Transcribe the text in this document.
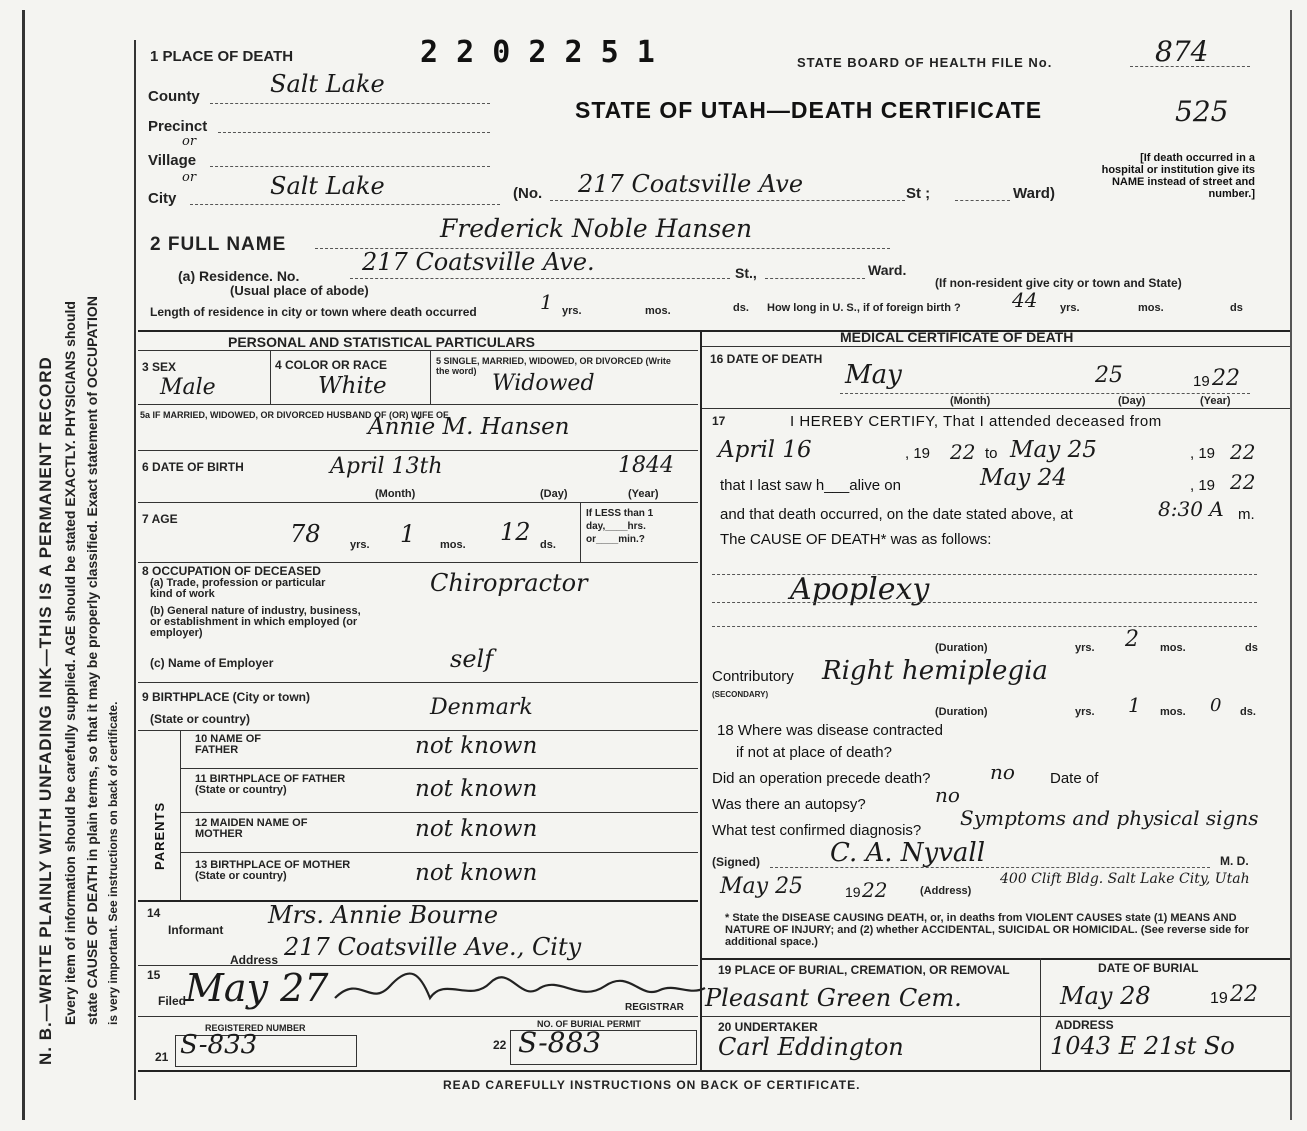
N. B.—WRITE PLAINLY WITH UNFADING INK—THIS IS A PERMANENT RECORD Every item of information should be carefully supplied. AGE should be stated EXACTLY. PHYSICIANS should state CAUSE OF DEATH in plain terms, so that it may be properly classified. Exact statement of OCCUPATION is very important. See instructions on back of certificate.
1 PLACE OF DEATH	2 2 0 2 2 5 1	STATE BOARD OF HEALTH FILE No.	874
STATE OF UTAH—DEATH CERTIFICATE	525
County	Salt Lake
Precinct
or
Village
or
City	Salt Lake	(No. 217 Coatsville Ave	St ;	Ward)
[If death occurred in a hospital or institution give its NAME instead of street and number.]
2 FULL NAME
Frederick Noble Hansen
(a) Residence. No.
(Usual place of abode)
217 Coatsville Ave.	St.,	Ward.
(If non-resident give city or town and State)
Length of residence in city or town where death occurred	1 yrs.	mos.	ds. How long in U. S., if of foreign birth ?	44 yrs.	mos.	ds
PERSONAL AND STATISTICAL PARTICULARS	MEDICAL CERTIFICATE OF DEATH
3 SEX
Male
4 COLOR OR RACE
White
5 SINGLE, MARRIED, WIDOWED, OR DIVORCED (Write the word) Widowed
5a IF MARRIED, WIDOWED, OR DIVORCED HUSBAND OF (OR) WIFE OF
Annie M. Hansen
6 DATE OF BIRTH	April 13th	1844
(Month)	(Day)	(Year)
7 AGE
78	yrs. 1 mos. 12 ds.
If LESS than 1 day,____hrs. or____min.?
8 OCCUPATION OF DECEASED
(a) Trade, profession or particular kind of work	Chiropractor
(b) General nature of industry, business, or establishment in which employed (or employer)
(c) Name of Employer	self
9 BIRTHPLACE (City or town)
(State or country)	Denmark
PARENTS
10 NAME OF FATHER	not known
11 BIRTHPLACE OF FATHER (State or country)	not known
12 MAIDEN NAME OF MOTHER	not known
13 BIRTHPLACE OF MOTHER (State or country)	not known
14
Informant
Mrs. Annie Bourne
Address 217 Coatsville Ave., City
15
Filed
May 27	REGISTRAR
REGISTERED NUMBER	NO. OF BURIAL PERMIT
21 S-833	22 S-883
READ CAREFULLY INSTRUCTIONS ON BACK OF CERTIFICATE.
16 DATE OF DEATH
May	25	19 22
(Month)	(Day)	(Year)
17	I HEREBY CERTIFY, That I attended deceased from
April 16	, 19 22 to May 25	, 19 22
that I last saw h___alive on	May 24	, 19 22
and that death occurred, on the date stated above, at	8:30 A m.
The CAUSE OF DEATH* was as follows:
Apoplexy
(Duration)	yrs. 2 mos.	ds
Contributory
(SECONDARY)
Right hemiplegia
(Duration)	yrs. 1 mos. 0 ds.
18 Where was disease contracted
if not at place of death?
Did an operation precede death?	no Date of
Was there an autopsy?	no
What test confirmed diagnosis?
Symptoms and physical signs
(Signed)	C. A. Nyvall	M. D.
May 25	19 22	(Address)
400 Clift Bldg. Salt Lake City, Utah
* State the DISEASE CAUSING DEATH, or, in deaths from VIOLENT CAUSES state (1) MEANS AND NATURE OF INJURY; and (2) whether ACCIDENTAL, SUICIDAL OR HOMICIDAL. (See reverse side for additional space.)
19 PLACE OF BURIAL, CREMATION, OR REMOVAL
Pleasant Green Cem.
DATE OF BURIAL
May 28	19 22
20 UNDERTAKER
Carl Eddington
ADDRESS
1043 E 21st So
